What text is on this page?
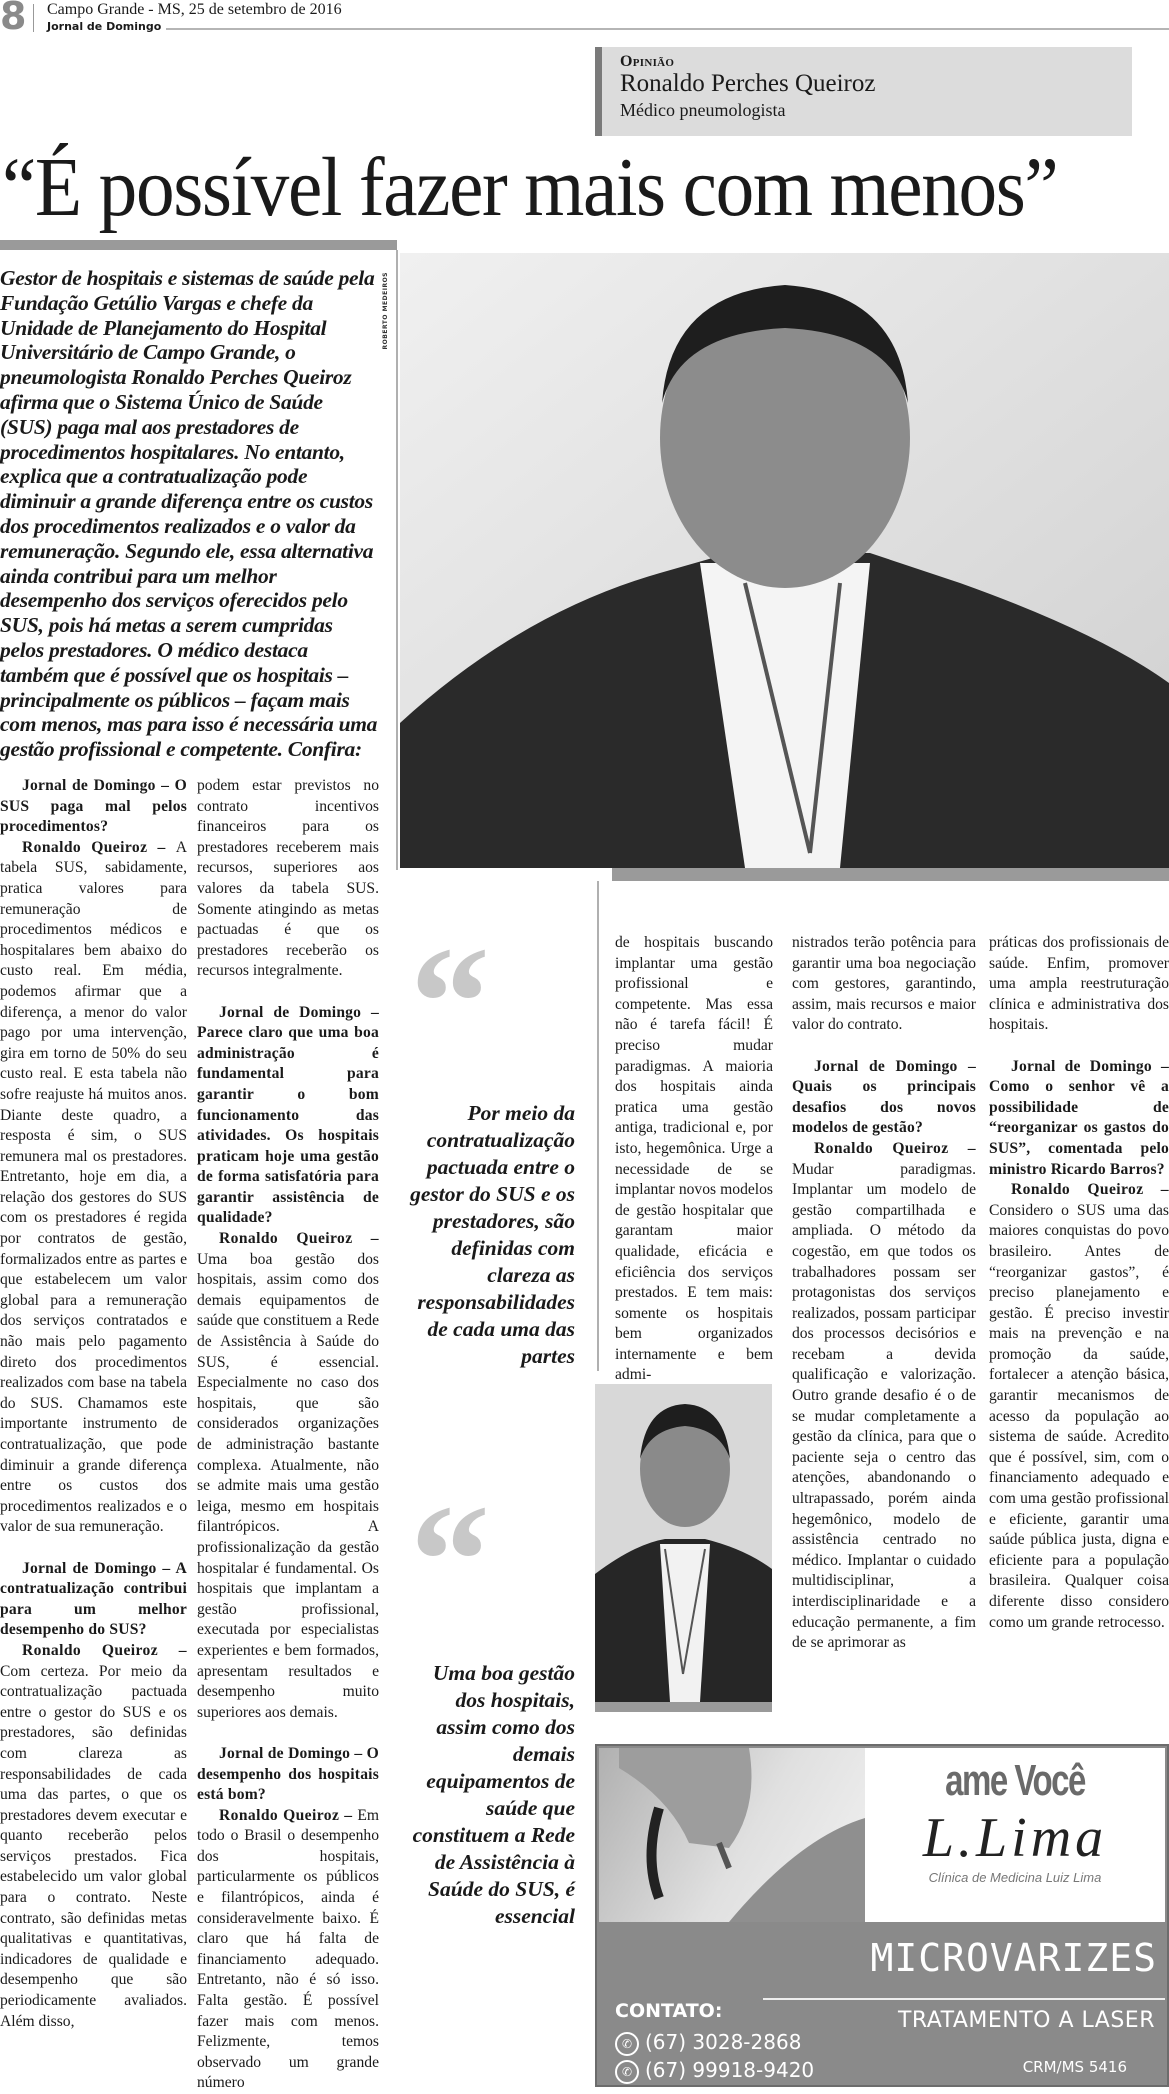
8 Campo Grande - MS, 25 de setembro de 2016
Jornal de Domingo
Opinião
Ronaldo Perches Queiroz
Médico pneumologista
“É possível fazer mais com menos”
Gestor de hospitais e sistemas de saúde pela Fundação Getúlio Vargas e chefe da Unidade de Planejamento do Hospital Universitário de Campo Grande, o pneumologista Ronaldo Perches Queiroz afirma que o Sistema Único de Saúde (SUS) paga mal aos prestadores de procedimentos hospitalares. No entanto, explica que a contratualização pode diminuir a grande diferença entre os custos dos procedimentos realizados e o valor da remuneração. Segundo ele, essa alternativa ainda contribui para um melhor desempenho dos serviços oferecidos pelo SUS, pois há metas a serem cumpridas pelos prestadores. O médico destaca também que é possível que os hospitais – principalmente os públicos – façam mais com menos, mas para isso é necessária uma gestão profissional e competente. Confira:
ROBERTO MEDEIROS

Jornal de Domingo – O SUS paga mal pelos procedimentos?

Ronaldo Queiroz – A tabela SUS, sabidamente, pratica valores para remuneração de procedimentos médicos e hospitalares bem abaixo do custo real. Em média, podemos afirmar que a diferença, a menor do valor pago por uma intervenção, gira em torno de 50% do seu custo real. E esta tabela não sofre reajuste há muitos anos. Diante deste quadro, a resposta é sim, o SUS remunera mal os prestadores. Entretanto, hoje em dia, a relação dos gestores do SUS com os prestadores é regida por contratos de gestão, formalizados entre as partes e que estabelecem um valor global para a remuneração dos serviços contratados e não mais pelo pagamento direto dos procedimentos realizados com base na tabela do SUS. Chamamos este importante instrumento de contratualização, que pode diminuir a grande diferença entre os custos dos procedimentos realizados e o valor de sua remuneração.

Jornal de Domingo – A contratualização contribui para um melhor desempenho do SUS?

Ronaldo Queiroz – Com certeza. Por meio da contratualização pactuada entre o gestor do SUS e os prestadores, são definidas com clareza as responsabilidades de cada uma das partes, o que os prestadores devem executar e quanto receberão pelos serviços prestados. Fica estabelecido um valor global para o contrato. Neste contrato, são definidas metas qualitativas e quantitativas, indicadores de qualidade e desempenho que são periodicamente avaliados. Além disso,

podem estar previstos no contrato incentivos financeiros para os prestadores receberem mais recursos, superiores aos valores da tabela SUS. Somente atingindo as metas pactuadas é que os prestadores receberão os recursos integralmente.

Jornal de Domingo – Parece claro que uma boa administração é fundamental para garantir o bom funcionamento das atividades. Os hospitais praticam hoje uma gestão de forma satisfatória para garantir assistência de qualidade?

Ronaldo Queiroz – Uma boa gestão dos hospitais, assim como dos demais equipamentos de saúde que constituem a Rede de Assistência à Saúde do SUS, é essencial. Especialmente no caso dos hospitais, que são considerados organizações de administração bastante complexa. Atualmente, não se admite mais uma gestão leiga, mesmo em hospitais filantrópicos. A profissionalização da gestão hospitalar é fundamental. Os hospitais que implantam a gestão profissional, executada por especialistas experientes e bem formados, apresentam resultados e desempenho muito superiores aos demais.

Jornal de Domingo – O desempenho dos hospitais está bom?

Ronaldo Queiroz – Em todo o Brasil o desempenho dos hospitais, particularmente os públicos e filantrópicos, ainda é consideravelmente baixo. É claro que há falta de financiamento adequado. Entretanto, não é só isso. Falta gestão. É possível fazer mais com menos. Felizmente, temos observado um grande número

“
Por meio da contratualização pactuada entre o gestor do SUS e os prestadores, são definidas com clareza as responsabilidades de cada uma das partes

de hospitais buscando implantar uma gestão profissional e competente. Mas essa não é tarefa fácil! É preciso mudar paradigmas. A maioria dos hospitais ainda pratica uma gestão antiga, tradicional e, por isto, hegemônica. Urge a necessidade de se implantar novos modelos de gestão hospitalar que garantam maior qualidade, eficácia e eficiência dos serviços prestados. E tem mais: somente os hospitais bem organizados internamente e bem admi-

“
Uma boa gestão dos hospitais, assim como dos demais equipamentos de saúde que constituem a Rede de Assistência à Saúde do SUS, é essencial

nistrados terão potência para garantir uma boa negociação com gestores, garantindo, assim, mais recursos e maior valor do contrato.

Jornal de Domingo – Quais os principais desafios dos novos modelos de gestão?

Ronaldo Queiroz – Mudar paradigmas. Implantar um modelo de gestão compartilhada e ampliada. O método da cogestão, em que todos os trabalhadores possam ser protagonistas dos serviços realizados, possam participar dos processos decisórios e recebam a devida qualificação e valorização. Outro grande desafio é o de se mudar completamente a gestão da clínica, para que o paciente seja o centro das atenções, abandonando o ultrapassado, porém ainda hegemônico, modelo de assistência centrado no médico. Implantar o cuidado multidisciplinar, a interdisciplinaridade e a educação permanente, a fim de se aprimorar as

práticas dos profissionais de saúde. Enfim, promover uma ampla reestruturação clínica e administrativa dos hospitais.

Jornal de Domingo – Como o senhor vê a possibilidade de “reorganizar os gastos do SUS”, comentada pelo ministro Ricardo Barros?

Ronaldo Queiroz – Considero o SUS uma das maiores conquistas do povo brasileiro. Antes de “reorganizar gastos”, é preciso planejamento e gestão. É preciso investir mais na prevenção e na promoção da saúde, fortalecer a atenção básica, garantir mecanismos de acesso da população ao sistema de saúde. Acredito que é possível, sim, com o financiamento adequado e com uma gestão profissional e eficiente, garantir uma saúde pública justa, digna e eficiente para a população brasileira. Qualquer coisa diferente disso considero como um grande retrocesso.

ame Você
L.Lima
Clínica de Medicina Luiz Lima
MICROVARIZES
TRATAMENTO A LASER
CONTATO:
✆ (67) 3028-2868
✆ (67) 99918-9420	CRM/MS 5416
